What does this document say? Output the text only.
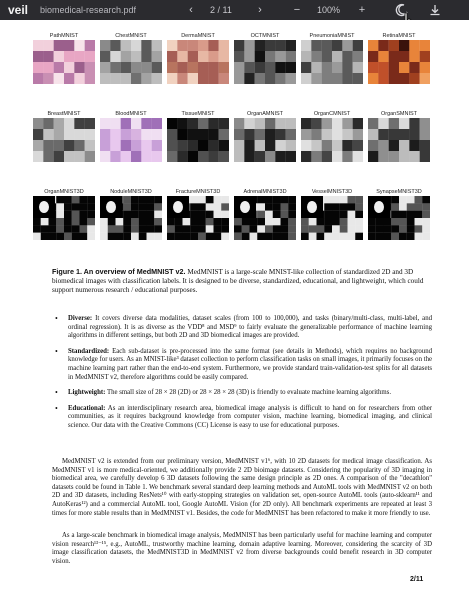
veil biomedical-research.pdf	‹	2 / 11	›	−	100%	+
PathMNIST	ChestMNIST	DermaMNIST	OCTMNIST	PneumoniaMNIST	RetinaMNIST
BreastMNIST	BloodMNIST	TissueMNIST	OrganAMNIST	OrganCMNIST	OrganSMNIST
OrganMNIST3D	NoduleMNIST3D	FractureMNIST3D	AdrenalMNIST3D	VesselMNIST3D	SynapseMNIST3D
Figure 1. An overview of MedMNIST v2. MedMNIST is a large-scale MNIST-like collection of standardized 2D and 3D biomedical images with classification labels. It is designed to be diverse, standardized, educational, and lightweight, which could support numerous research / educational purposes.
• Diverse: It covers diverse data modalities, dataset scales (from 100 to 100,000), and tasks (binary/multi-class, multi-label, and ordinal regression). It is as diverse as the VDD⁸ and MSD⁹ to fairly evaluate the generalizable performance of machine learning algorithms in different settings, but both 2D and 3D biomedical images are provided.
• Standardized: Each sub-dataset is pre-processed into the same format (see details in Methods), which requires no background knowledge for users. As an MNIST-like³ dataset collection to perform classification tasks on small images, it primarily focuses on the machine learning part rather than the end-to-end system. Furthermore, we provide standard train-validation-test splits for all datasets in MedMNIST v2, therefore algorithms could be easily compared.
• Lightweight: The small size of 28 × 28 (2D) or 28 × 28 × 28 (3D) is friendly to evaluate machine learning algorithms.
• Educational: As an interdisciplinary research area, biomedical image analysis is difficult to hand on for researchers from other communities, as it requires background knowledge from computer vision, machine learning, biomedical imaging, and clinical science. Our data with the Creative Commons (CC) License is easy to use for educational purposes.
MedMNIST v2 is extended from our preliminary version, MedMNIST v1⁶, with 10 2D datasets for medical image classification. As MedMNIST v1 is more medical-oriented, we additionally provide 2 2D bioimage datasets. Considering the popularity of 3D imaging in biomedical area, we carefully develop 6 3D datasets following the same design principle as 2D ones. A comparison of the "decathlon" datasets could be found in Table 1. We benchmark several standard deep learning methods and AutoML tools with MedMNIST v2 on both 2D and 3D datasets, including ResNets¹⁰ with early-stopping strategies on validation set, open-source AutoML tools (auto-sklearn¹¹ and AutoKeras¹²) and a commercial AutoML tool, Google AutoML Vision (for 2D only). All benchmark experiments are repeated at least 3 times for more stable results than in MedMNIST v1. Besides, the code for MedMNIST has been refactored to make it more friendly to use.
As a large-scale benchmark in biomedical image analysis, MedMNIST has been particularly useful for machine learning and computer vision research¹³⁻¹⁵, e.g., AutoML, trustworthy machine learning, domain adaptive learning. Moreover, considering the scarcity of 3D image classification datasets, the MedMNIST3D in MedMNIST v2 from diverse backgrounds could benefit research in 3D computer vision.
2/11
